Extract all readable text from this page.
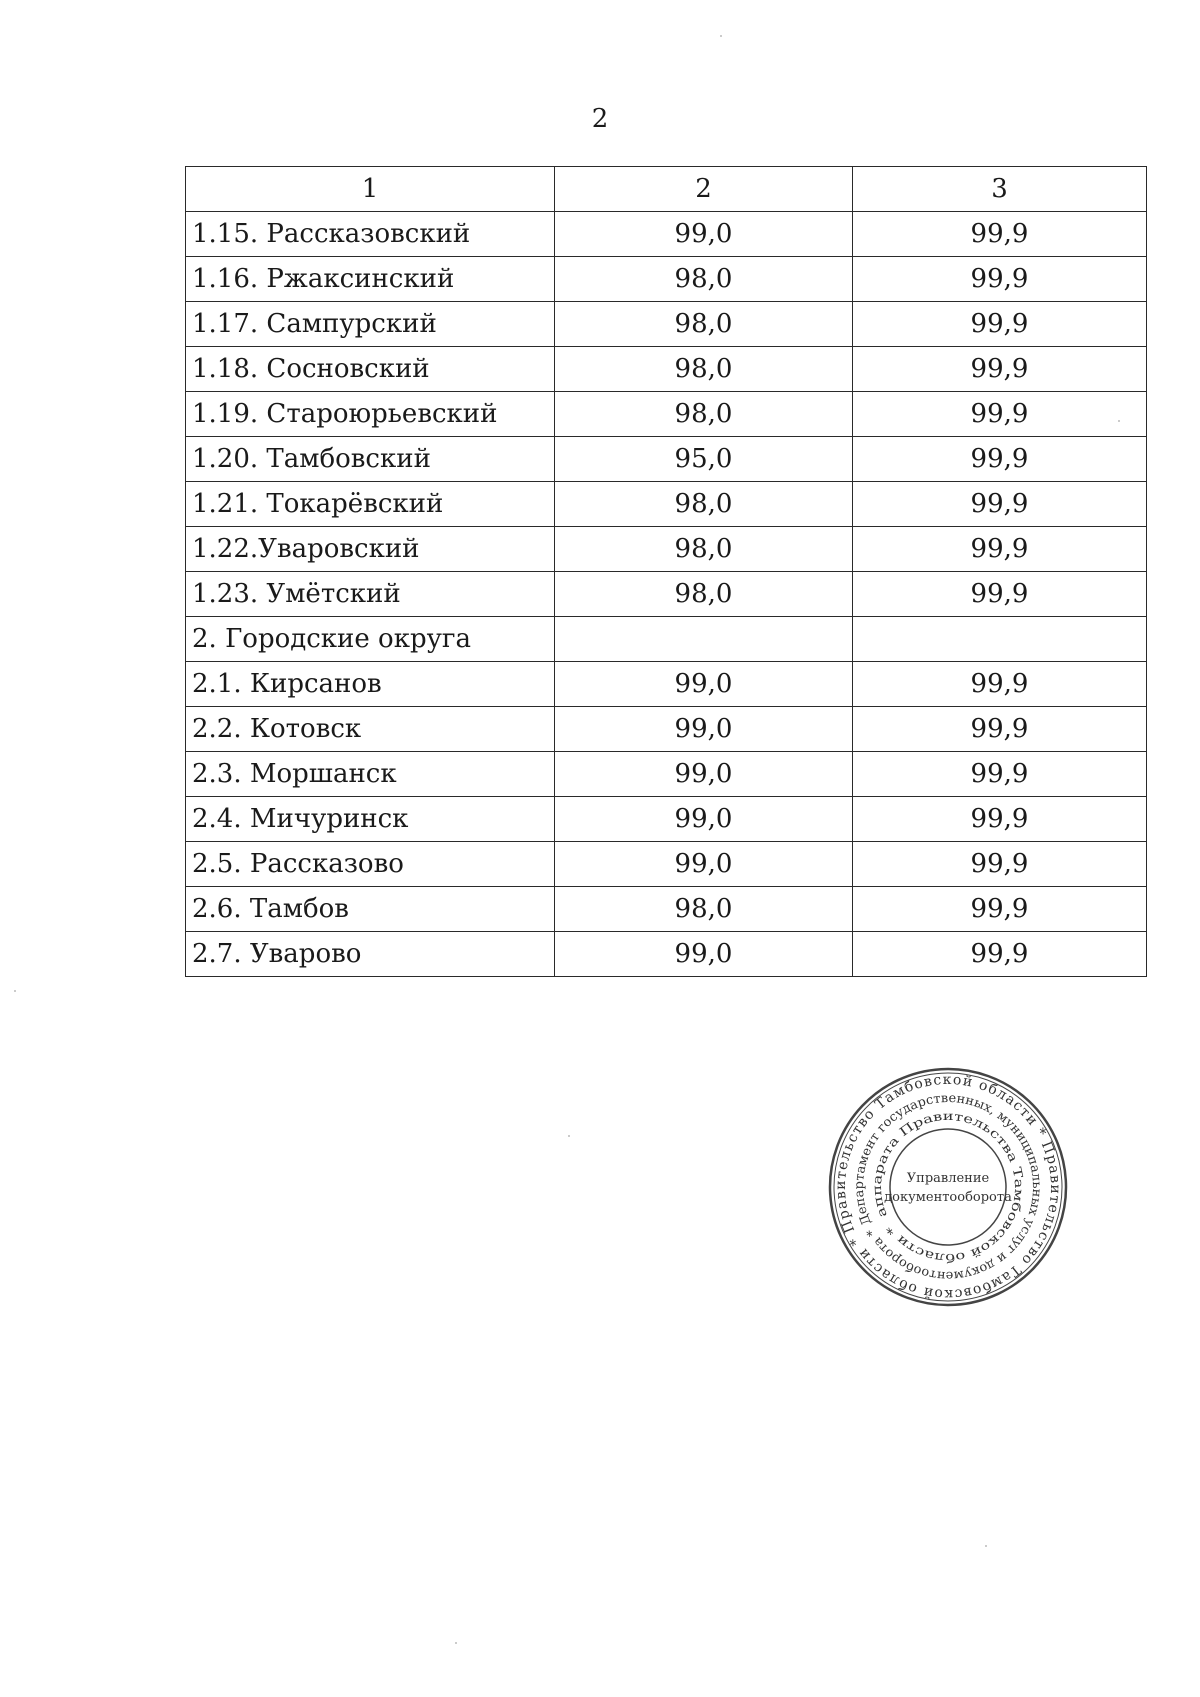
2
1	2	3
1.15. Рассказовский	99,0	99,9
1.16. Ржаксинский	98,0	99,9
1.17. Сампурский	98,0	99,9
1.18. Сосновский	98,0	99,9
1.19. Староюрьевский	98,0	99,9
1.20. Тамбовский	95,0	99,9
1.21. Токарёвский	98,0	99,9
1.22.Уваровский	98,0	99,9
1.23. Умётский	98,0	99,9
2. Городские округа		
2.1. Кирсанов	99,0	99,9
2.2. Котовск	99,0	99,9
2.3. Моршанск	99,0	99,9
2.4. Мичуринск	99,0	99,9
2.5. Рассказово	99,0	99,9
2.6. Тамбов	98,0	99,9
2.7. Уварово	99,0	99,9
Правительство Тамбовской области * Правительство Тамбовской области *
Департамент государственных, муниципальных услуг и документооборота *
аппарата Правительства Тамбовской области *
Управление
документооборота
